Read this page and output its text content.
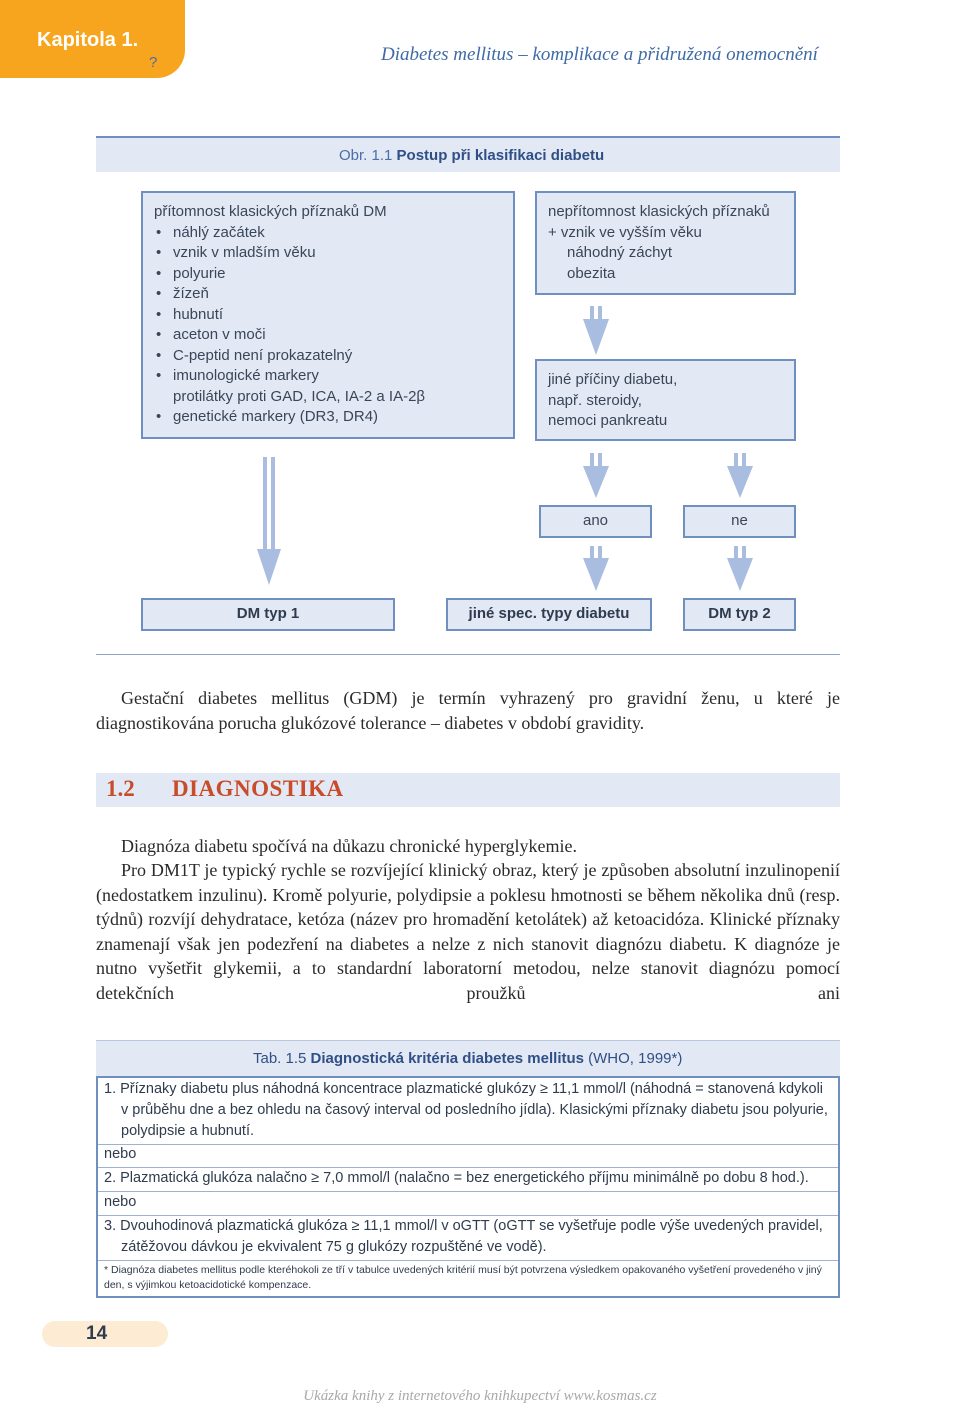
Kapitola 1.
?	Diabetes mellitus – komplikace a přidružená onemocnění
Obr. 1.1 Postup při klasifikaci diabetu
přítomnost klasických příznaků DM
• náhlý začátek
• vznik v mladším věku
• polyurie
• žízeň
• hubnutí
• aceton v moči
• C-peptid není prokazatelný
• imunologické markery
protilátky proti GAD, ICA, IA-2 a IA-2β
• genetické markery (DR3, DR4)
nepřítomnost klasických příznaků
+ vznik ve vyšším věku
náhodný záchyt
obezita
jiné příčiny diabetu,
např. steroidy,
nemoci pankreatu
ano	ne
DM typ 1	jiné spec. typy diabetu	DM typ 2
Gestační diabetes mellitus (GDM) je termín vyhrazený pro gravidní ženu, u které je diagnostikována porucha glukózové tolerance – diabetes v období gravidity.
1.2 DIAGNOSTIKA
Diagnóza diabetu spočívá na důkazu chronické hyperglykemie.
Pro DM1T je typický rychle se rozvíjející klinický obraz, který je způsoben absolutní inzulinopenií (nedostatkem inzulinu). Kromě polyurie, polydipsie a poklesu hmotnosti se během několika dnů (resp. týdnů) rozvíjí dehydratace, ketóza (název pro hromadění ketolátek) až ketoacidóza. Klinické příznaky znamenají však jen podezření na diabetes a nelze z nich stanovit diagnózu diabetu. K diagnóze je nutno vyšetřit glykemii, a to standardní laboratorní metodou, nelze stanovit diagnózu pomocí detekčních proužků ani
Tab. 1.5 Diagnostická kritéria diabetes mellitus (WHO, 1999*)
1. Příznaky diabetu plus náhodná koncentrace plazmatické glukózy ≥ 11,1 mmol/l (náhodná = stanovená kdykoli v průběhu dne a bez ohledu na časový interval od posledního jídla). Klasickými příznaky diabetu jsou polyurie, polydipsie a hubnutí.
nebo
2. Plazmatická glukóza nalačno ≥ 7,0 mmol/l (nalačno = bez energetického příjmu minimálně po dobu 8 hod.).
nebo
3. Dvouhodinová plazmatická glukóza ≥ 11,1 mmol/l v oGTT (oGTT se vyšetřuje podle výše uvedených pravidel, zátěžovou dávkou je ekvivalent 75 g glukózy rozpuštěné ve vodě).
* Diagnóza diabetes mellitus podle kteréhokoli ze tří v tabulce uvedených kritérií musí být potvrzena výsledkem opakovaného vyšetření provedeného v jiný den, s výjimkou ketoacidotické kompenzace.
14
Ukázka knihy z internetového knihkupectví www.kosmas.cz
